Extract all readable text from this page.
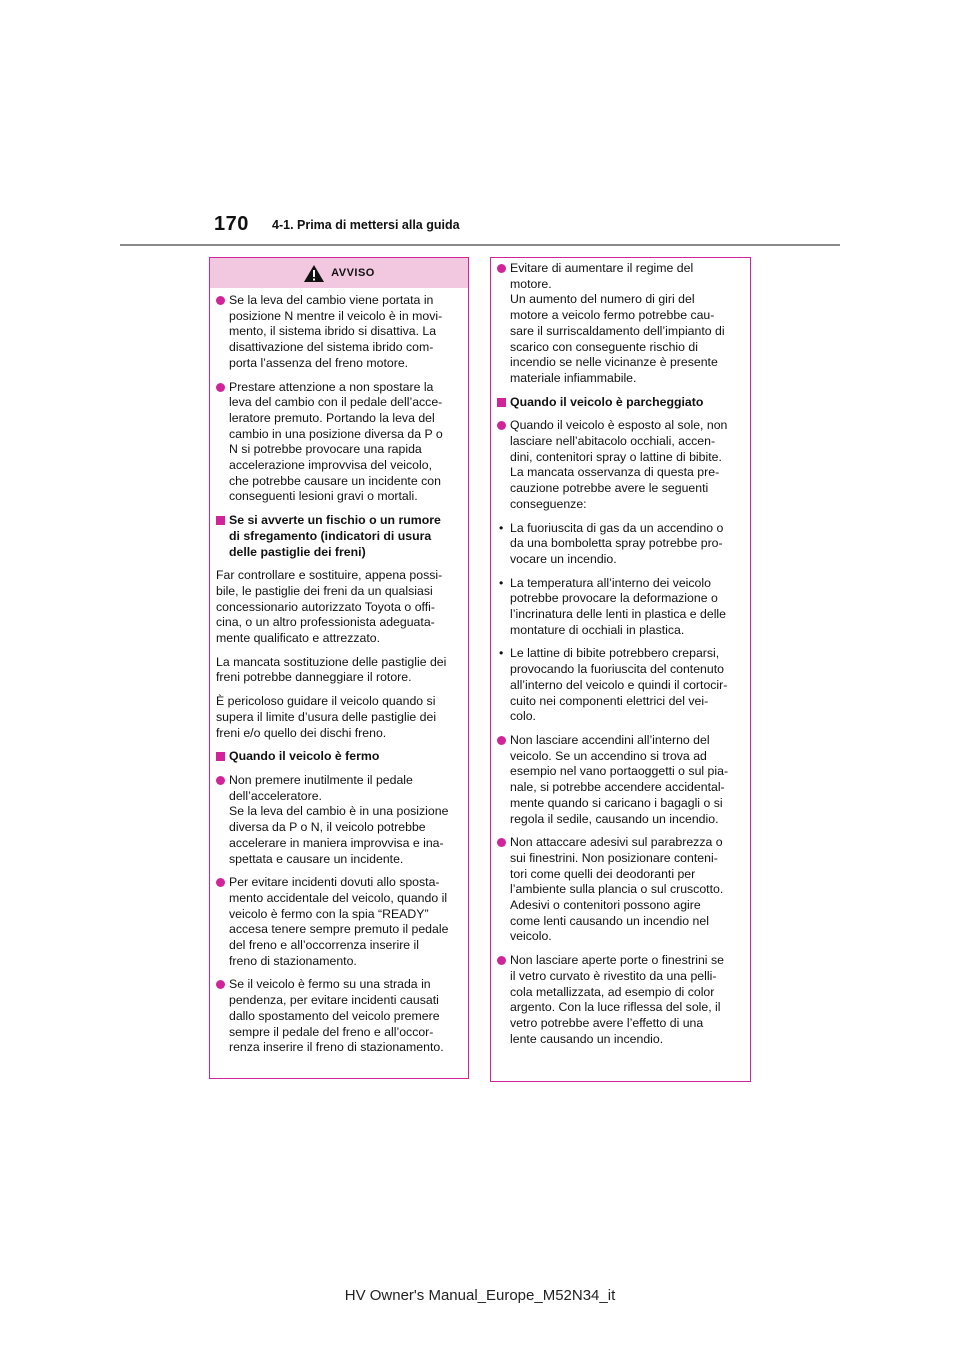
170 4-1. Prima di mettersi alla guida
AVVISO
Se la leva del cambio viene portata in
posizione N mentre il veicolo è in movi-
mento, il sistema ibrido si disattiva. La
disattivazione del sistema ibrido com-
porta l’assenza del freno motore.
Prestare attenzione a non spostare la
leva del cambio con il pedale dell’acce-
leratore premuto. Portando la leva del
cambio in una posizione diversa da P o
N si potrebbe provocare una rapida
accelerazione improvvisa del veicolo,
che potrebbe causare un incidente con
conseguenti lesioni gravi o mortali.
Se si avverte un fischio o un rumore
di sfregamento (indicatori di usura
delle pastiglie dei freni)
Far controllare e sostituire, appena possi-
bile, le pastiglie dei freni da un qualsiasi
concessionario autorizzato Toyota o offi-
cina, o un altro professionista adeguata-
mente qualificato e attrezzato.
La mancata sostituzione delle pastiglie dei
freni potrebbe danneggiare il rotore.
È pericoloso guidare il veicolo quando si
supera il limite d’usura delle pastiglie dei
freni e/o quello dei dischi freno.
Quando il veicolo è fermo
Non premere inutilmente il pedale
dell’acceleratore.
Se la leva del cambio è in una posizione
diversa da P o N, il veicolo potrebbe
accelerare in maniera improvvisa e ina-
spettata e causare un incidente.
Per evitare incidenti dovuti allo sposta-
mento accidentale del veicolo, quando il
veicolo è fermo con la spia “READY”
accesa tenere sempre premuto il pedale
del freno e all’occorrenza inserire il
freno di stazionamento.
Se il veicolo è fermo su una strada in
pendenza, per evitare incidenti causati
dallo spostamento del veicolo premere
sempre il pedale del freno e all’occor-
renza inserire il freno di stazionamento.
Evitare di aumentare il regime del
motore.
Un aumento del numero di giri del
motore a veicolo fermo potrebbe cau-
sare il surriscaldamento dell’impianto di
scarico con conseguente rischio di
incendio se nelle vicinanze è presente
materiale infiammabile.
Quando il veicolo è parcheggiato
Quando il veicolo è esposto al sole, non
lasciare nell’abitacolo occhiali, accen-
dini, contenitori spray o lattine di bibite.
La mancata osservanza di questa pre-
cauzione potrebbe avere le seguenti
conseguenze:
• La fuoriuscita di gas da un accendino o
da una bomboletta spray potrebbe pro-
vocare un incendio.
• La temperatura all’interno dei veicolo
potrebbe provocare la deformazione o
l’incrinatura delle lenti in plastica e delle
montature di occhiali in plastica.
• Le lattine di bibite potrebbero creparsi,
provocando la fuoriuscita del contenuto
all’interno del veicolo e quindi il cortocir-
cuito nei componenti elettrici del vei-
colo.
Non lasciare accendini all’interno del
veicolo. Se un accendino si trova ad
esempio nel vano portaoggetti o sul pia-
nale, si potrebbe accendere accidental-
mente quando si caricano i bagagli o si
regola il sedile, causando un incendio.
Non attaccare adesivi sul parabrezza o
sui finestrini. Non posizionare conteni-
tori come quelli dei deodoranti per
l’ambiente sulla plancia o sul cruscotto.
Adesivi o contenitori possono agire
come lenti causando un incendio nel
veicolo.
Non lasciare aperte porte o finestrini se
il vetro curvato è rivestito da una pelli-
cola metallizzata, ad esempio di color
argento. Con la luce riflessa del sole, il
vetro potrebbe avere l’effetto di una
lente causando un incendio.
HV Owner's Manual_Europe_M52N34_it
